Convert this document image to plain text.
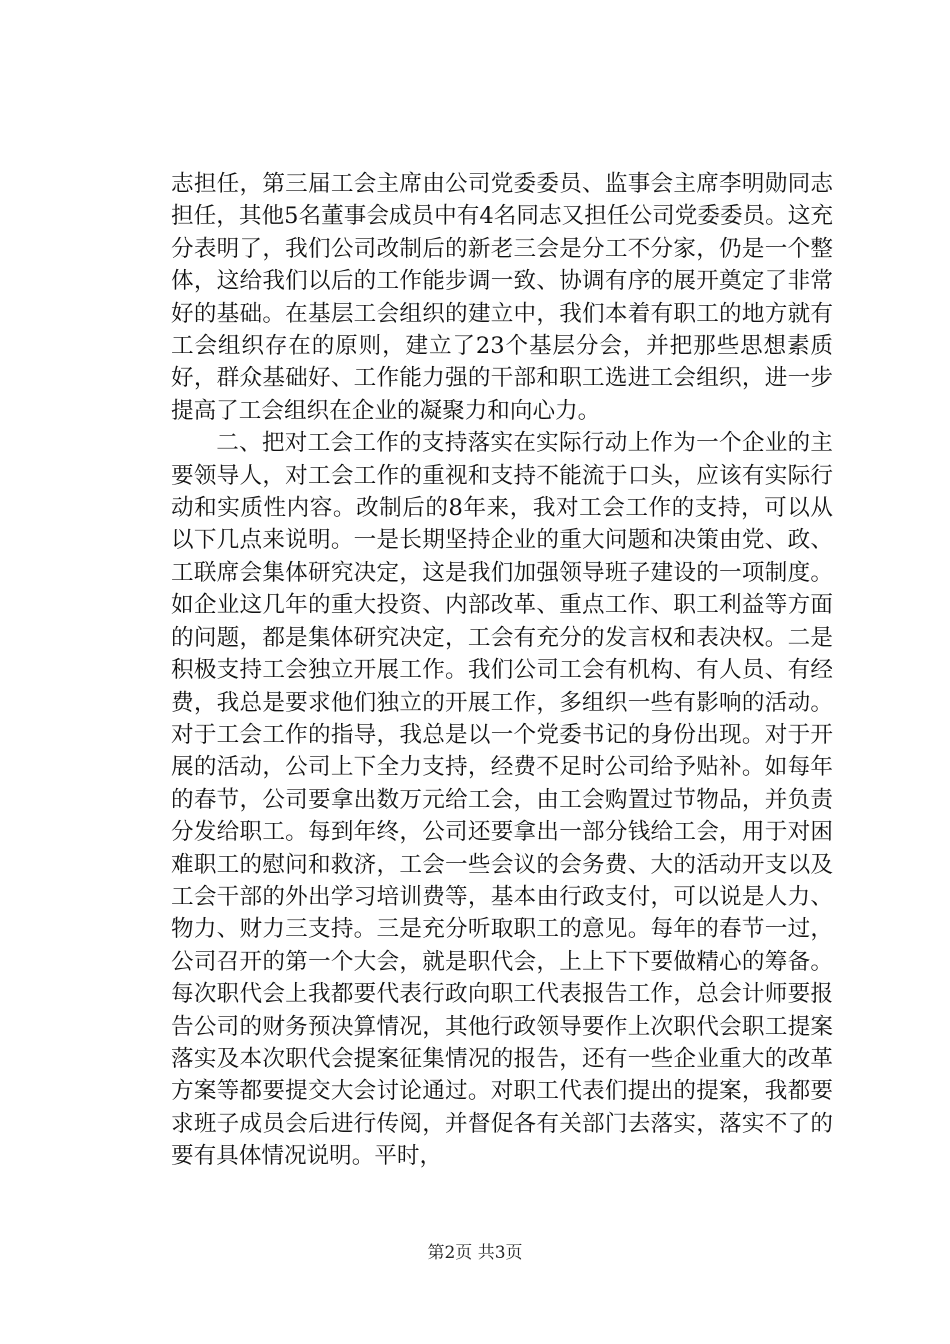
志担任，第三届工会主席由公司党委委员、监事会主席李明勋同志担任，其他5名董事会成员中有4名同志又担任公司党委委员。这充分表明了，我们公司改制后的新老三会是分工不分家，仍是一个整体，这给我们以后的工作能步调一致、协调有序的展开奠定了非常好的基础。在基层工会组织的建立中，我们本着有职工的地方就有工会组织存在的原则，建立了23个基层分会，并把那些思想素质好，群众基础好、工作能力强的干部和职工选进工会组织，进一步提高了工会组织在企业的凝聚力和向心力。

二、把对工会工作的支持落实在实际行动上作为一个企业的主要领导人，对工会工作的重视和支持不能流于口头，应该有实际行动和实质性内容。改制后的8年来，我对工会工作的支持，可以从以下几点来说明。一是长期坚持企业的重大问题和决策由党、政、工联席会集体研究决定，这是我们加强领导班子建设的一项制度。如企业这几年的重大投资、内部改革、重点工作、职工利益等方面的问题，都是集体研究决定，工会有充分的发言权和表决权。二是积极支持工会独立开展工作。我们公司工会有机构、有人员、有经费，我总是要求他们独立的开展工作，多组织一些有影响的活动。对于工会工作的指导，我总是以一个党委书记的身份出现。对于开展的活动，公司上下全力支持，经费不足时公司给予贴补。如每年的春节，公司要拿出数万元给工会，由工会购置过节物品，并负责分发给职工。每到年终，公司还要拿出一部分钱给工会，用于对困难职工的慰问和救济，工会一些会议的会务费、大的活动开支以及工会干部的外出学习培训费等，基本由行政支付，可以说是人力、物力、财力三支持。三是充分听取职工的意见。每年的春节一过，公司召开的第一个大会，就是职代会，上上下下要做精心的筹备。每次职代会上我都要代表行政向职工代表报告工作，总会计师要报告公司的财务预决算情况，其他行政领导要作上次职代会职工提案落实及本次职代会提案征集情况的报告，还有一些企业重大的改革方案等都要提交大会讨论通过。对职工代表们提出的提案，我都要求班子成员会后进行传阅，并督促各有关部门去落实，落实不了的要有具体情况说明。平时，

第2页 共3页
